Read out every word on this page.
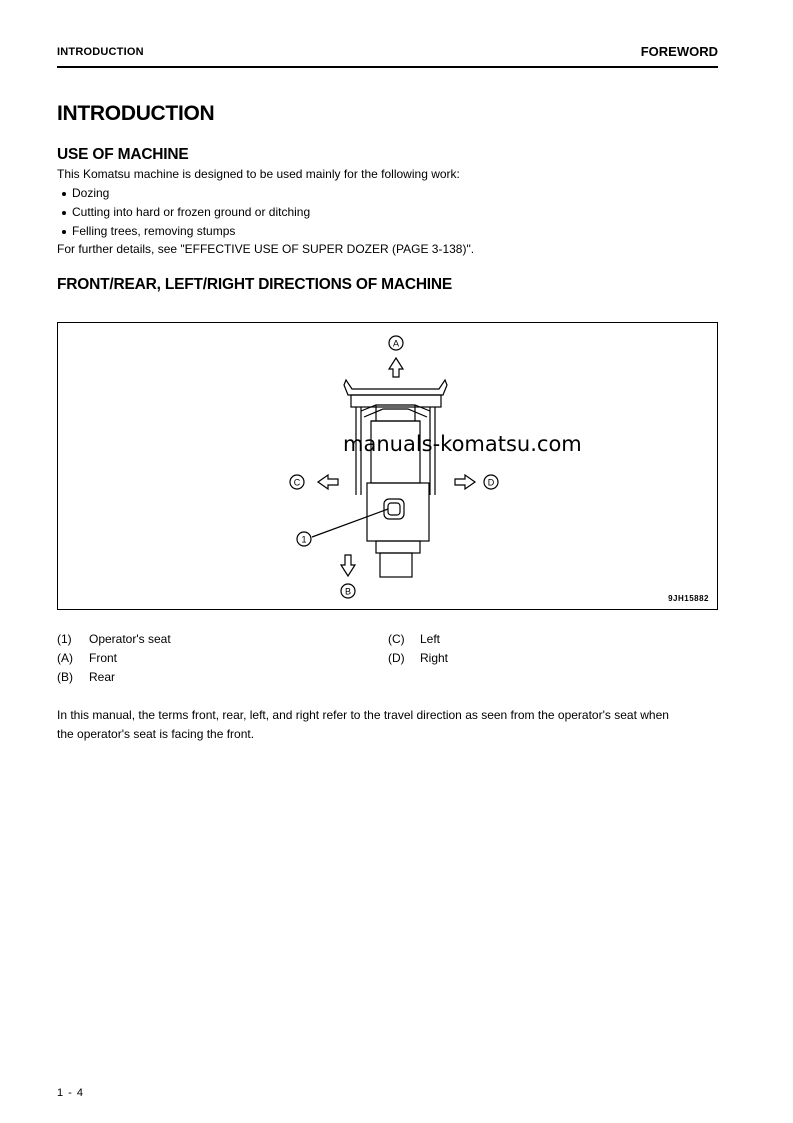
INTRODUCTION	FOREWORD
INTRODUCTION
USE OF MACHINE
This Komatsu machine is designed to be used mainly for the following work:
Dozing
Cutting into hard or frozen ground or ditching
Felling trees, removing stumps
For further details, see "EFFECTIVE USE OF SUPER DOZER (PAGE 3-138)".
FRONT/REAR, LEFT/RIGHT DIRECTIONS OF MACHINE
A
B
C	D
1
9JH15882
manuals-komatsu.com
(1) Operator's seat
(A) Front
(B) Rear
(C) Left
(D) Right
In this manual, the terms front, rear, left, and right refer to the travel direction as seen from the operator's seat when
the operator's seat is facing the front.
1 - 4
